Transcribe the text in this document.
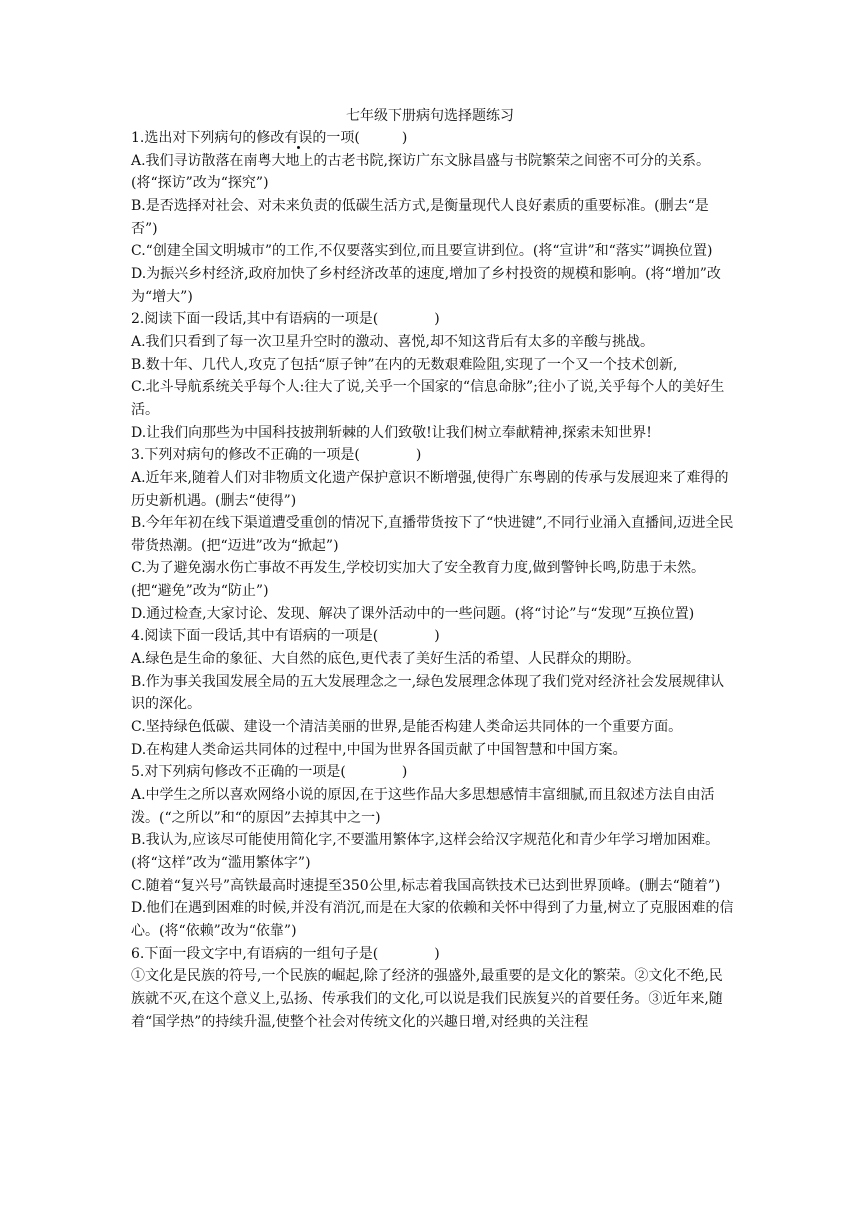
七年级下册病句选择题练习

1.选出对下列病句的修改有误的一项(　　　)

A.我们寻访散落在南粤大地上的古老书院,探访广东文脉昌盛与书院繁荣之间密不可分的关系。(将“探访”改为“探究”)

B.是否选择对社会、对未来负责的低碳生活方式,是衡量现代人良好素质的重要标准。(删去“是否”)

C.“创建全国文明城市”的工作,不仅要落实到位,而且要宣讲到位。(将“宣讲”和“落实”调换位置)

D.为振兴乡村经济,政府加快了乡村经济改革的速度,增加了乡村投资的规模和影响。(将“增加”改为“增大”)

2.阅读下面一段话,其中有语病的一项是(　　　　)

A.我们只看到了每一次卫星升空时的激动、喜悦,却不知这背后有太多的辛酸与挑战。

B.数十年、几代人,攻克了包括“原子钟”在内的无数艰难险阻,实现了一个又一个技术创新,

C.北斗导航系统关乎每个人:往大了说,关乎一个国家的“信息命脉”;往小了说,关乎每个人的美好生活。

D.让我们向那些为中国科技披荆斩棘的人们致敬!让我们树立奉献精神,探索未知世界!

3.下列对病句的修改不正确的一项是(　　　　)

A.近年来,随着人们对非物质文化遗产保护意识不断增强,使得广东粤剧的传承与发展迎来了难得的历史新机遇。(删去“使得”)

B.今年年初在线下渠道遭受重创的情况下,直播带货按下了“快进键”,不同行业涌入直播间,迈进全民带货热潮。(把“迈进”改为“掀起”)

C.为了避免溺水伤亡事故不再发生,学校切实加大了安全教育力度,做到警钟长鸣,防患于未然。(把“避免”改为“防止”)

D.通过检查,大家讨论、发现、解决了课外活动中的一些问题。(将“讨论”与“发现”互换位置)

4.阅读下面一段话,其中有语病的一项是(　　　　)

A.绿色是生命的象征、大自然的底色,更代表了美好生活的希望、人民群众的期盼。

B.作为事关我国发展全局的五大发展理念之一,绿色发展理念体现了我们党对经济社会发展规律认识的深化。

C.坚持绿色低碳、建设一个清洁美丽的世界,是能否构建人类命运共同体的一个重要方面。

D.在构建人类命运共同体的过程中,中国为世界各国贡献了中国智慧和中国方案。

5.对下列病句修改不正确的一项是(　　　　)

A.中学生之所以喜欢网络小说的原因,在于这些作品大多思想感情丰富细腻,而且叙述方法自由活泼。(“之所以”和“的原因”去掉其中之一)

B.我认为,应该尽可能使用简化字,不要滥用繁体字,这样会给汉字规范化和青少年学习增加困难。(将“这样”改为“滥用繁体字”)

C.随着“复兴号”高铁最高时速提至350公里,标志着我国高铁技术已达到世界顶峰。(删去“随着”)

D.他们在遇到困难的时候,并没有消沉,而是在大家的依赖和关怀中得到了力量,树立了克服困难的信心。(将“依赖”改为“依靠”)

6.下面一段文字中,有语病的一组句子是(　　　　)

①文化是民族的符号,一个民族的崛起,除了经济的强盛外,最重要的是文化的繁荣。②文化不绝,民族就不灭,在这个意义上,弘扬、传承我们的文化,可以说是我们民族复兴的首要任务。③近年来,随着“国学热”的持续升温,使整个社会对传统文化的兴趣日增,对经典的关注程
